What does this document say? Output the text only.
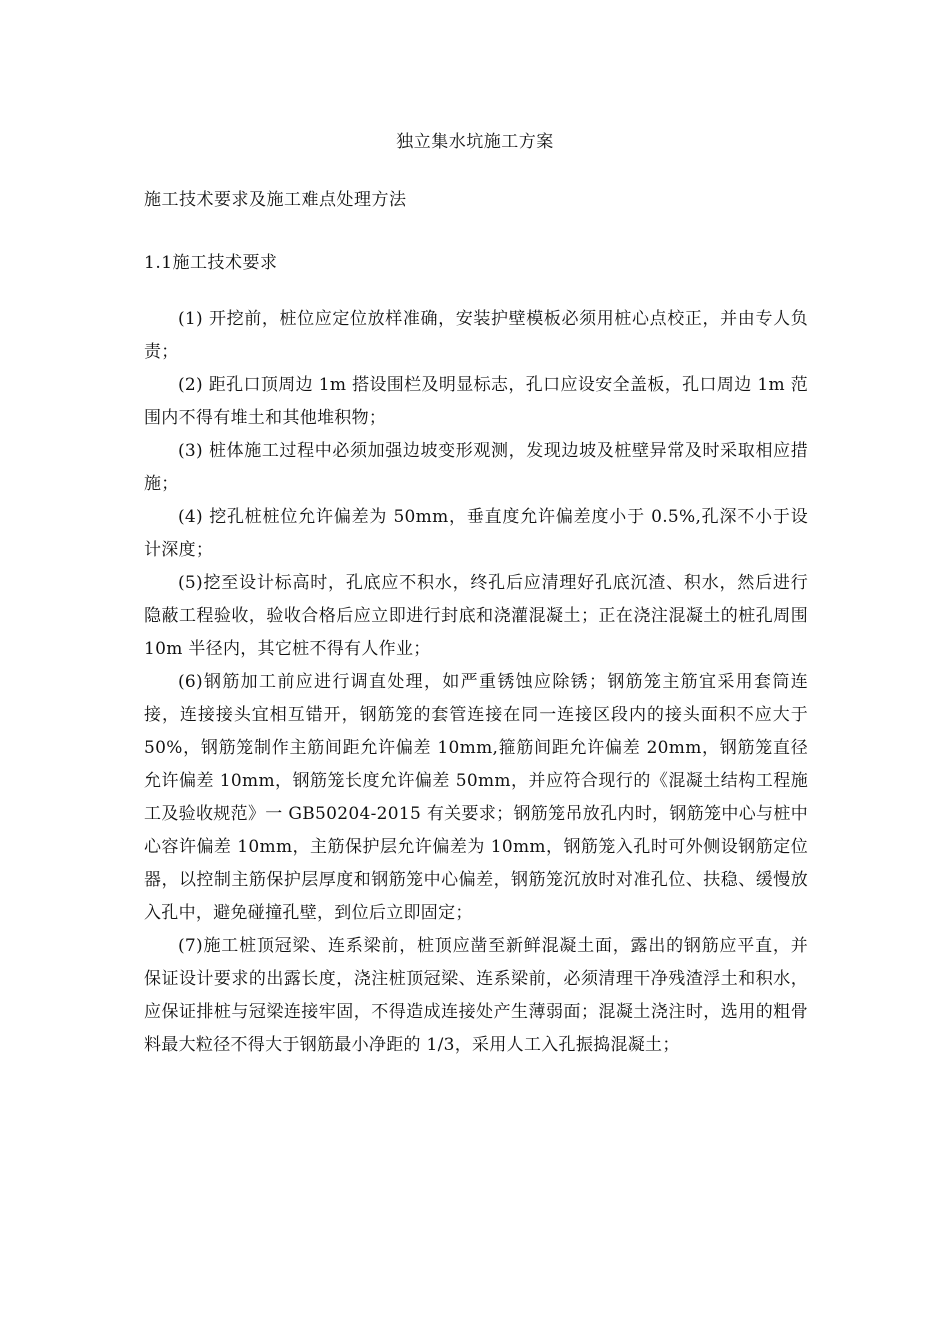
独立集水坑施工方案
施工技术要求及施工难点处理方法
1.1施工技术要求

(1) 开挖前，桩位应定位放样准确，安装护壁模板必须用桩心点校正，并由专人负责；

(2) 距孔口顶周边 1m 搭设围栏及明显标志，孔口应设安全盖板，孔口周边 1m 范围内不得有堆土和其他堆积物；

(3) 桩体施工过程中必须加强边坡变形观测，发现边坡及桩壁异常及时采取相应措施；

(4) 挖孔桩桩位允许偏差为 50mm，垂直度允许偏差度小于 0.5%,孔深不小于设计深度；

(5)挖至设计标高时，孔底应不积水，终孔后应清理好孔底沉渣、积水，然后进行隐蔽工程验收，验收合格后应立即进行封底和浇灌混凝土；正在浇注混凝土的桩孔周围 10m 半径内，其它桩不得有人作业；

(6)钢筋加工前应进行调直处理，如严重锈蚀应除锈；钢筋笼主筋宜采用套筒连接，连接接头宜相互错开，钢筋笼的套管连接在同一连接区段内的接头面积不应大于 50%，钢筋笼制作主筋间距允许偏差 10mm,箍筋间距允许偏差 20mm，钢筋笼直径允许偏差 10mm，钢筋笼长度允许偏差 50mm，并应符合现行的《混凝土结构工程施工及验收规范》一 GB50204-2015 有关要求；钢筋笼吊放孔内时，钢筋笼中心与桩中心容许偏差 10mm，主筋保护层允许偏差为 10mm，钢筋笼入孔时可外侧设钢筋定位器，以控制主筋保护层厚度和钢筋笼中心偏差，钢筋笼沉放时对准孔位、扶稳、缓慢放入孔中，避免碰撞孔壁，到位后立即固定；

(7)施工桩顶冠梁、连系梁前，桩顶应凿至新鲜混凝土面，露出的钢筋应平直，并保证设计要求的出露长度，浇注桩顶冠梁、连系梁前，必须清理干净残渣浮土和积水，应保证排桩与冠梁连接牢固，不得造成连接处产生薄弱面；混凝土浇注时，选用的粗骨料最大粒径不得大于钢筋最小净距的 1/3，采用人工入孔振捣混凝土；
